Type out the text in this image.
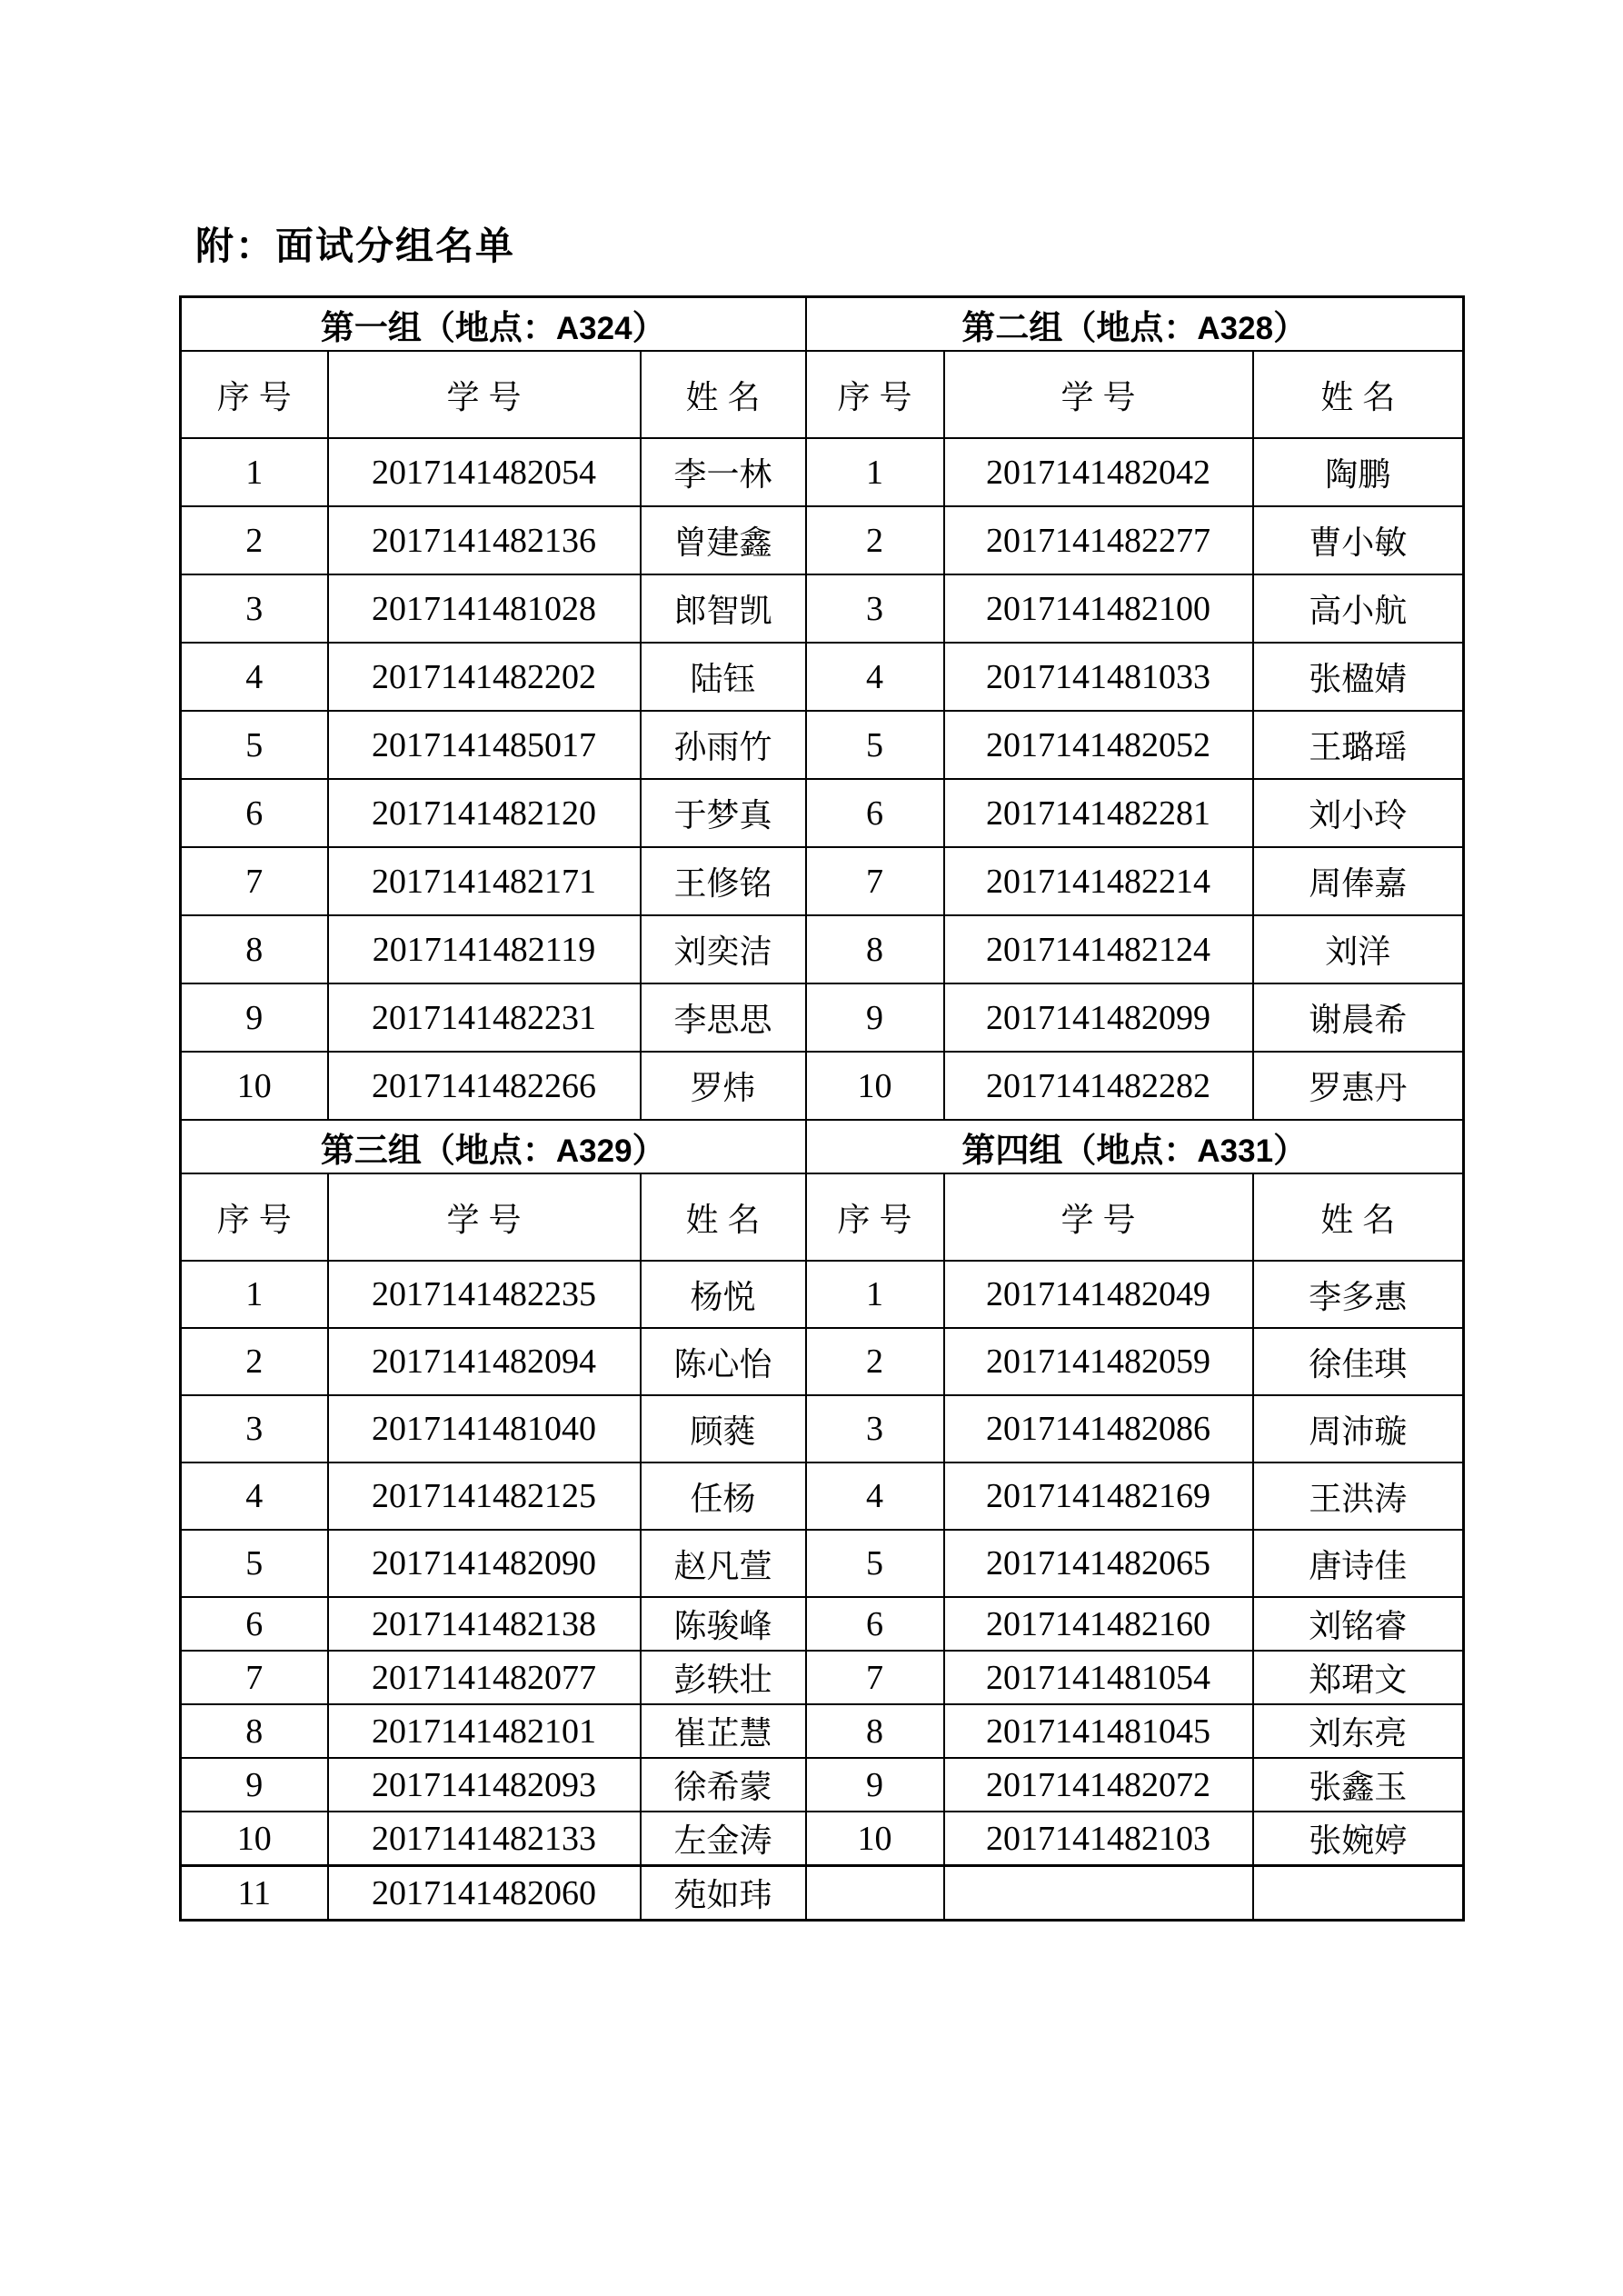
附：面试分组名单
第一组（地点：A324）			第二组（地点：A328）		
序号	学号	姓名	序号	学号	姓名
1	2017141482054	李一林	1	2017141482042	陶鹏
2	2017141482136	曾建鑫	2	2017141482277	曹小敏
3	2017141481028	郎智凯	3	2017141482100	高小航
4	2017141482202	陆钰	4	2017141481033	张楹婧
5	2017141485017	孙雨竹	5	2017141482052	王璐瑶
6	2017141482120	于梦真	6	2017141482281	刘小玲
7	2017141482171	王修铭	7	2017141482214	周俸嘉
8	2017141482119	刘奕洁	8	2017141482124	刘洋
9	2017141482231	李思思	9	2017141482099	谢晨希
10	2017141482266	罗炜	10	2017141482282	罗惠丹
第三组（地点：A329）			第四组（地点：A331）		
序号	学号	姓名	序号	学号	姓名
1	2017141482235	杨悦	1	2017141482049	李多惠
2	2017141482094	陈心怡	2	2017141482059	徐佳琪
3	2017141481040	顾蕤	3	2017141482086	周沛璇
4	2017141482125	任杨	4	2017141482169	王洪涛
5	2017141482090	赵凡萱	5	2017141482065	唐诗佳
6	2017141482138	陈骏峰	6	2017141482160	刘铭睿
7	2017141482077	彭轶壮	7	2017141481054	郑珺文
8	2017141482101	崔芷慧	8	2017141481045	刘东亮
9	2017141482093	徐希蒙	9	2017141482072	张鑫玉
10	2017141482133	左金涛	10	2017141482103	张婉婷
11	2017141482060	苑如玮			
